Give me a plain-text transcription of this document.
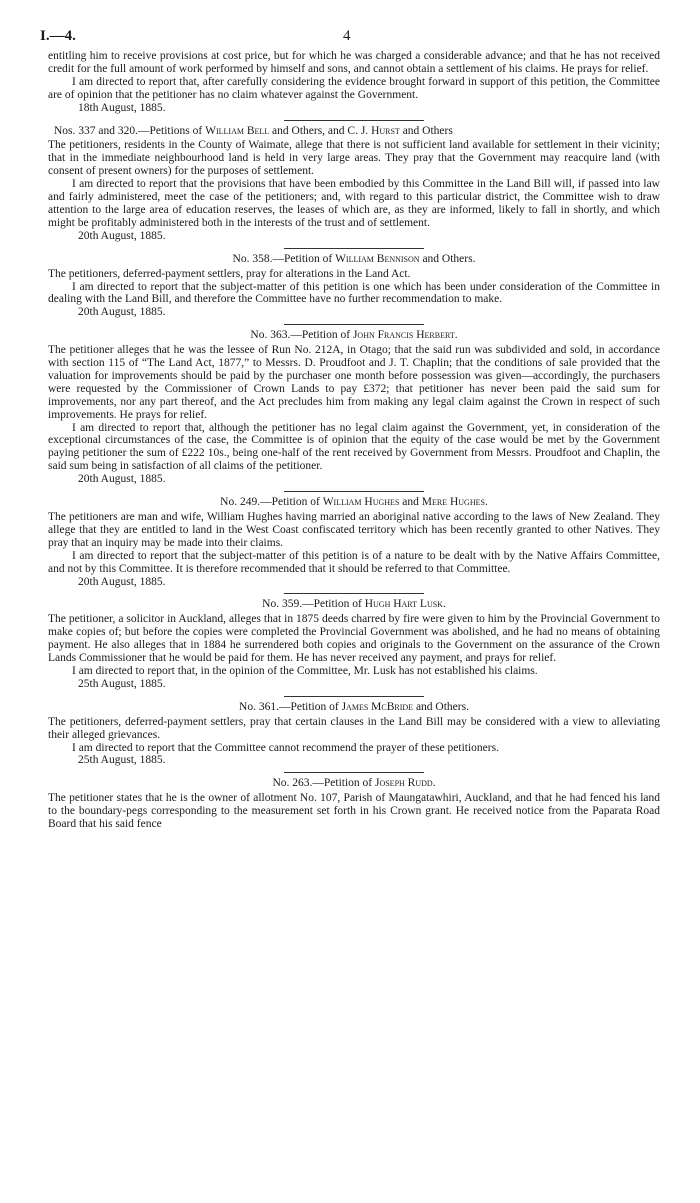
I.—4.	4

entitling him to receive provisions at cost price, but for which he was charged a considerable advance; and that he has not received credit for the full amount of work performed by himself and sons, and cannot obtain a settlement of his claims. He prays for relief.

I am directed to report that, after carefully considering the evidence brought forward in support of this petition, the Committee are of opinion that the petitioner has no claim whatever against the Government.

18th August, 1885.

Nos. 337 and 320.—Petitions of William Bell and Others, and C. J. Hurst and Others

The petitioners, residents in the County of Waimate, allege that there is not sufficient land available for settlement in their vicinity; that in the immediate neighbourhood land is held in very large areas. They pray that the Government may reacquire land (with consent of present owners) for the purposes of settlement.

I am directed to report that the provisions that have been embodied by this Committee in the Land Bill will, if passed into law and fairly administered, meet the case of the petitioners; and, with regard to this particular district, the Committee wish to draw attention to the large area of education reserves, the leases of which are, as they are informed, likely to fall in shortly, and which might be profitably administered both in the interests of the trust and of settlement.

20th August, 1885.

No. 358.—Petition of William Bennison and Others.

The petitioners, deferred-payment settlers, pray for alterations in the Land Act.

I am directed to report that the subject-matter of this petition is one which has been under consideration of the Committee in dealing with the Land Bill, and therefore the Committee have no further recommendation to make.

20th August, 1885.

No. 363.—Petition of John Francis Herbert.

The petitioner alleges that he was the lessee of Run No. 212A, in Otago; that the said run was subdivided and sold, in accordance with section 115 of “The Land Act, 1877,” to Messrs. D. Proudfoot and J. T. Chaplin; that the conditions of sale provided that the valuation for improvements should be paid by the purchaser one month before possession was given—accordingly, the purchasers were requested by the Commissioner of Crown Lands to pay £372; that petitioner has never been paid the said sum for improvements, nor any part thereof, and the Act precludes him from making any legal claim against the Crown in respect of such improvements. He prays for relief.

I am directed to report that, although the petitioner has no legal claim against the Government, yet, in consideration of the exceptional circumstances of the case, the Committee is of opinion that the equity of the case would be met by the Government paying petitioner the sum of £222 10s., being one-half of the rent received by Government from Messrs. Proudfoot and Chaplin, the said sum being in satisfaction of all claims of the petitioner.

20th August, 1885.

No. 249.—Petition of William Hughes and Mere Hughes.

The petitioners are man and wife, William Hughes having married an aboriginal native according to the laws of New Zealand. They allege that they are entitled to land in the West Coast confiscated territory which has been recently granted to other Natives. They pray that an inquiry may be made into their claims.

I am directed to report that the subject-matter of this petition is of a nature to be dealt with by the Native Affairs Committee, and not by this Committee. It is therefore recommended that it should be referred to that Committee.

20th August, 1885.

No. 359.—Petition of Hugh Hart Lusk.

The petitioner, a solicitor in Auckland, alleges that in 1875 deeds charred by fire were given to him by the Provincial Government to make copies of; but before the copies were completed the Provincial Government was abolished, and he had no means of obtaining payment. He also alleges that in 1884 he surrendered both copies and originals to the Government on the assurance of the Crown Lands Commissioner that he would be paid for them. He has never received any payment, and prays for relief.

I am directed to report that, in the opinion of the Committee, Mr. Lusk has not established his claims.

25th August, 1885.

No. 361.—Petition of James McBride and Others.

The petitioners, deferred-payment settlers, pray that certain clauses in the Land Bill may be considered with a view to alleviating their alleged grievances.

I am directed to report that the Committee cannot recommend the prayer of these petitioners.

25th August, 1885.

No. 263.—Petition of Joseph Rudd.

The petitioner states that he is the owner of allotment No. 107, Parish of Maungatawhiri, Auckland, and that he had fenced his land to the boundary-pegs corresponding to the measurement set forth in his Crown grant. He received notice from the Paparata Road Board that his said fence
